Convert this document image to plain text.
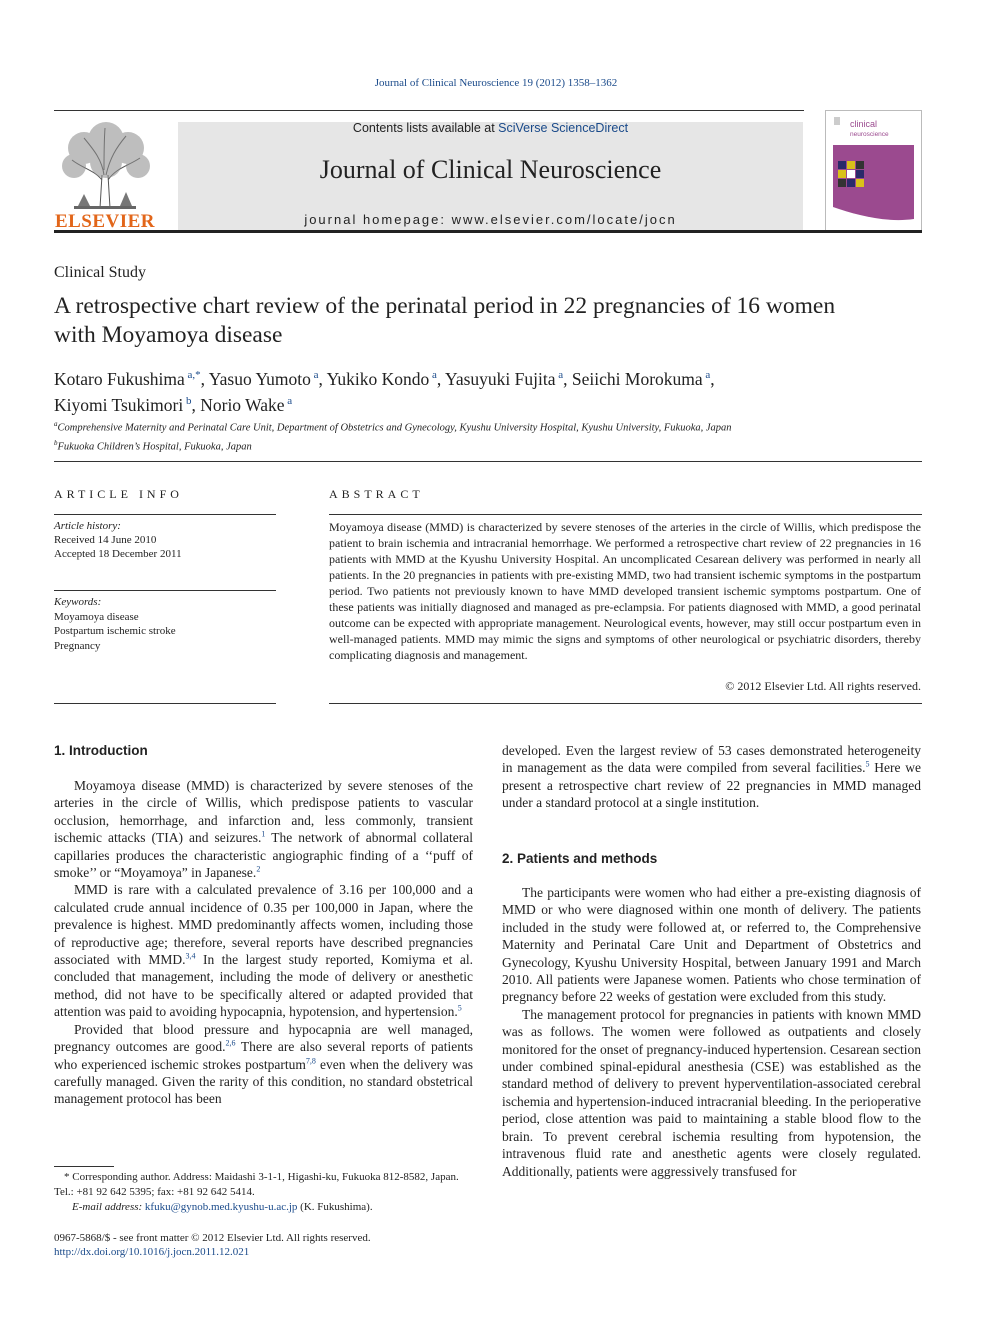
Journal of Clinical Neuroscience 19 (2012) 1358–1362
ELSEVIER
Contents lists available at SciVerse ScienceDirect
Journal of Clinical Neuroscience
journal homepage: www.elsevier.com/locate/jocn
clinical
neuroscience
Clinical Study
A retrospective chart review of the perinatal period in 22 pregnancies of 16 women with Moyamoya disease
Kotaro Fukushima $^{a,*}$, Yasuo Yumoto $^a$, Yukiko Kondo $^a$, Yasuyuki Fujita $^a$, Seiichi Morokuma $^a$,
Kiyomi Tsukimori $^b$, Norio Wake $^a$
$^a$Comprehensive Maternity and Perinatal Care Unit, Department of Obstetrics and Gynecology, Kyushu University Hospital, Kyushu University, Fukuoka, Japan
$^b$Fukuoka Children’s Hospital, Fukuoka, Japan
ARTICLE INFO	ABSTRACT
Article history:
Received 14 June 2010
Accepted 18 December 2011
Keywords:
Moyamoya disease
Postpartum ischemic stroke
Pregnancy
Moyamoya disease (MMD) is characterized by severe stenoses of the arteries in the circle of Willis, which predispose the patient to brain ischemia and intracranial hemorrhage. We performed a retrospective chart review of 22 pregnancies in 16 patients with MMD at the Kyushu University Hospital. An uncomplicated Cesarean delivery was performed in nearly all patients. In the 20 pregnancies in patients with pre-existing MMD, two had transient ischemic symptoms in the postpartum period. Two patients not previously known to have MMD developed transient ischemic symptoms postpartum. One of these patients was initially diagnosed and managed as pre-eclampsia. For patients diagnosed with MMD, a good perinatal outcome can be expected with appropriate management. Neurological events, however, may still occur postpartum even in well-managed patients. MMD may mimic the signs and symptoms of other neurological or psychiatric disorders, thereby complicating diagnosis and management.
© 2012 Elsevier Ltd. All rights reserved.
1. Introduction

Moyamoya disease (MMD) is characterized by severe stenoses of the arteries in the circle of Willis, which predispose patients to vascular occlusion, hemorrhage, and infarction and, less commonly, transient ischemic attacks (TIA) and seizures.$^1$ The network of abnormal collateral capillaries produces the characteristic angiographic finding of a ‘‘puff of smoke’’ or “Moyamoya” in Japanese.$^2$

MMD is rare with a calculated prevalence of 3.16 per 100,000 and a calculated crude annual incidence of 0.35 per 100,000 in Japan, where the prevalence is highest. MMD predominantly affects women, including those of reproductive age; therefore, several reports have described pregnancies associated with MMD.$^{3,4}$ In the largest study reported, Komiyma et al. concluded that management, including the mode of delivery or anesthetic method, did not have to be specifically altered or adapted provided that attention was paid to avoiding hypocapnia, hypotension, and hypertension.$^5$

Provided that blood pressure and hypocapnia are well managed, pregnancy outcomes are good.$^{2,6}$ There are also several reports of patients who experienced ischemic strokes postpartum$^{7,8}$ even when the delivery was carefully managed. Given the rarity of this condition, no standard obstetrical management protocol has been

developed. Even the largest review of 53 cases demonstrated heterogeneity in management as the data were compiled from several facilities.$^5$ Here we present a retrospective chart review of 22 pregnancies in MMD managed under a standard protocol at a single institution.

2. Patients and methods

The participants were women who had either a pre-existing diagnosis of MMD or who were diagnosed within one month of delivery. The patients included in the study were followed at, or referred to, the Comprehensive Maternity and Perinatal Care Unit and Department of Obstetrics and Gynecology, Kyushu University Hospital, between January 1991 and March 2010. All patients were Japanese women. Patients who chose termination of pregnancy before 22 weeks of gestation were excluded from this study.

The management protocol for pregnancies in patients with known MMD was as follows. The women were followed as outpatients and closely monitored for the onset of pregnancy-induced hypertension. Cesarean section under combined spinal-epidural anesthesia (CSE) was established as the standard method of delivery to prevent hyperventilation-associated cerebral ischemia and hypertension-induced intracranial bleeding. In the perioperative period, close attention was paid to maintaining a stable blood flow to the brain. To prevent cerebral ischemia resulting from hypotension, the intravenous fluid rate and anesthetic agents were closely regulated. Additionally, patients were aggressively transfused for

* Corresponding author. Address: Maidashi 3-1-1, Higashi-ku, Fukuoka 812-8582, Japan. Tel.: +81 92 642 5395; fax: +81 92 642 5414.
E-mail address: kfuku@gynob.med.kyushu-u.ac.jp (K. Fukushima).
0967-5868/$ - see front matter © 2012 Elsevier Ltd. All rights reserved.
http://dx.doi.org/10.1016/j.jocn.2011.12.021
